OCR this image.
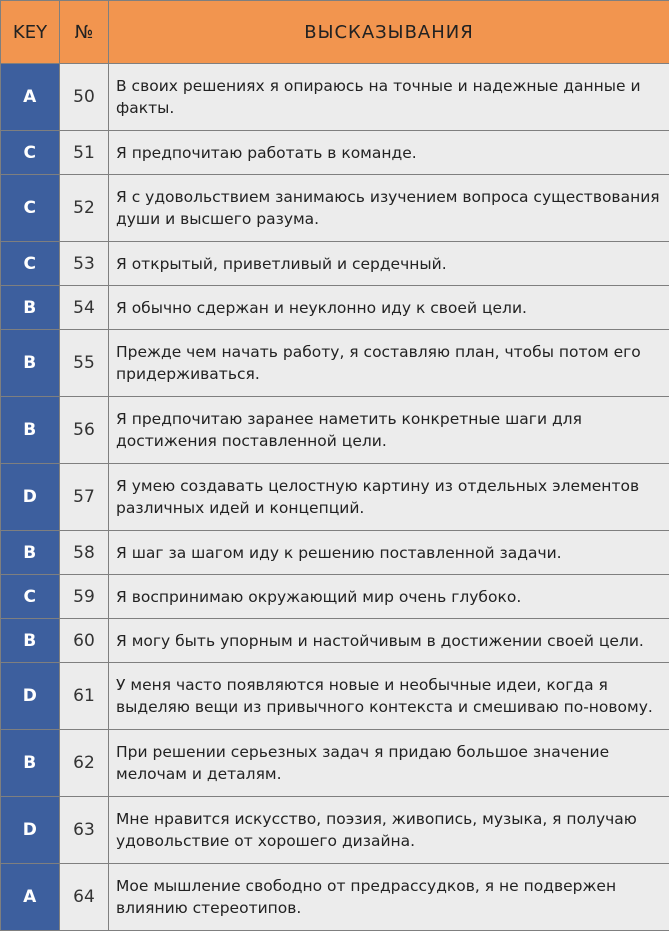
KEY	№	ВЫСКАЗЫВАНИЯ
A	50	В своих решениях я опираюсь на точные и надежные данные и факты.
C	51	Я предпочитаю работать в команде.
C	52	Я с удовольствием занимаюсь изучением вопроса существования души и высшего разума.
C	53	Я открытый, приветливый и сердечный.
B	54	Я обычно сдержан и неуклонно иду к своей цели.
B	55	Прежде чем начать работу, я составляю план, чтобы потом его придерживаться.
B	56	Я предпочитаю заранее наметить конкретные шаги для достижения поставленной цели.
D	57	Я умею создавать целостную картину из отдельных элементов различных идей и концепций.
B	58	Я шаг за шагом иду к решению поставленной задачи.
C	59	Я воспринимаю окружающий мир очень глубоко.
B	60	Я могу быть упорным и настойчивым в достижении своей цели.
D	61	У меня часто появляются новые и необычные идеи, когда я выделяю вещи из привычного контекста и смешиваю по-новому.
B	62	При решении серьезных задач я придаю большое значение мелочам и деталям.
D	63	Мне нравится искусство, поэзия, живопись, музыка, я получаю удовольствие от хорошего дизайна.
A	64	Мое мышление свободно от предрассудков, я не подвержен влиянию стереотипов.
